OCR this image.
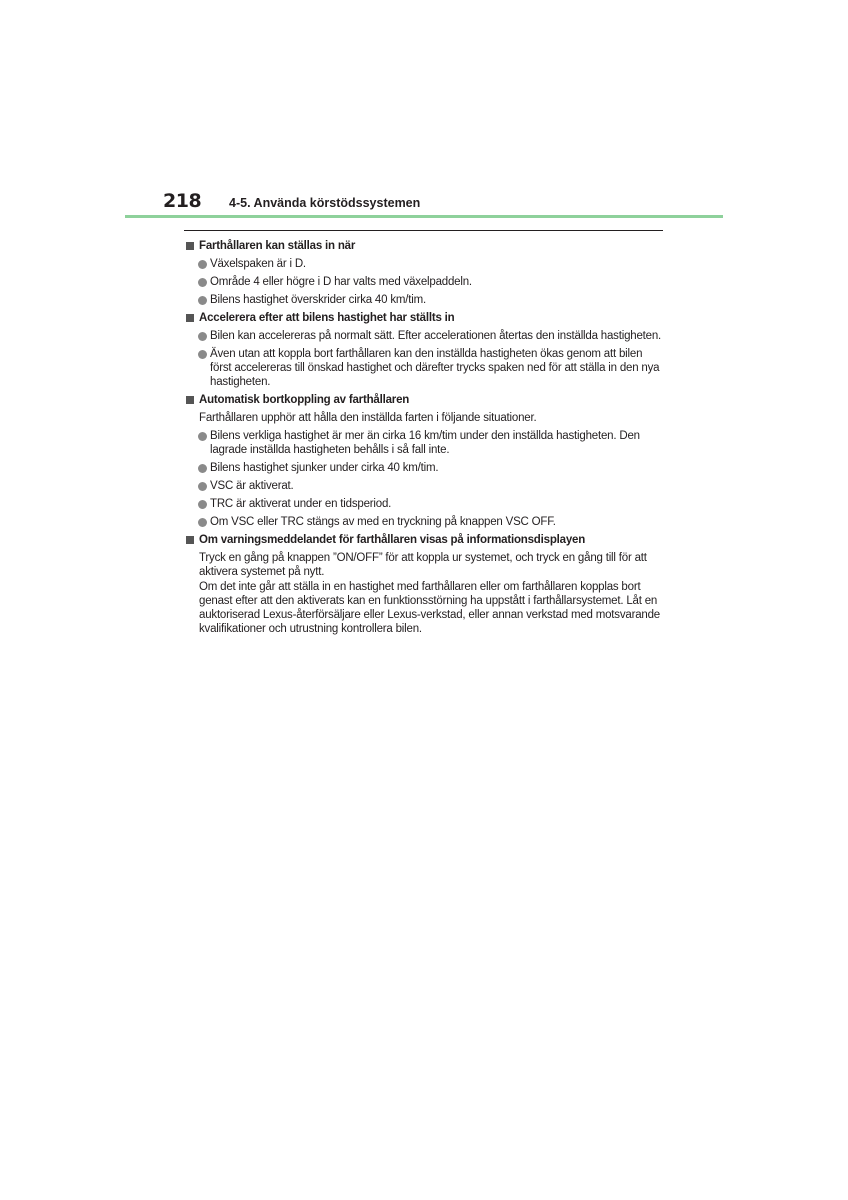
218 4-5. Använda körstödssystemen
Farthållaren kan ställas in när
Växelspaken är i D.
Område 4 eller högre i D har valts med växelpaddeln.
Bilens hastighet överskrider cirka 40 km/tim.
Accelerera efter att bilens hastighet har ställts in
Bilen kan accelereras på normalt sätt. Efter accelerationen återtas den inställda hastigheten.
Även utan att koppla bort farthållaren kan den inställda hastigheten ökas genom att bilen först accelereras till önskad hastighet och därefter trycks spaken ned för att ställa in den nya hastigheten.
Automatisk bortkoppling av farthållaren
Farthållaren upphör att hålla den inställda farten i följande situationer.
Bilens verkliga hastighet är mer än cirka 16 km/tim under den inställda hastigheten. Den lagrade inställda hastigheten behålls i så fall inte.
Bilens hastighet sjunker under cirka 40 km/tim.
VSC är aktiverat.
TRC är aktiverat under en tidsperiod.
Om VSC eller TRC stängs av med en tryckning på knappen VSC OFF.
Om varningsmeddelandet för farthållaren visas på informationsdisplayen
Tryck en gång på knappen ”ON/OFF” för att koppla ur systemet, och tryck en gång till för att aktivera systemet på nytt.
Om det inte går att ställa in en hastighet med farthållaren eller om farthållaren kopplas bort genast efter att den aktiverats kan en funktionsstörning ha uppstått i farthållarsystemet. Låt en auktoriserad Lexus-återförsäljare eller Lexus-verkstad, eller annan verkstad med motsvarande kvalifikationer och utrustning kontrollera bilen.
